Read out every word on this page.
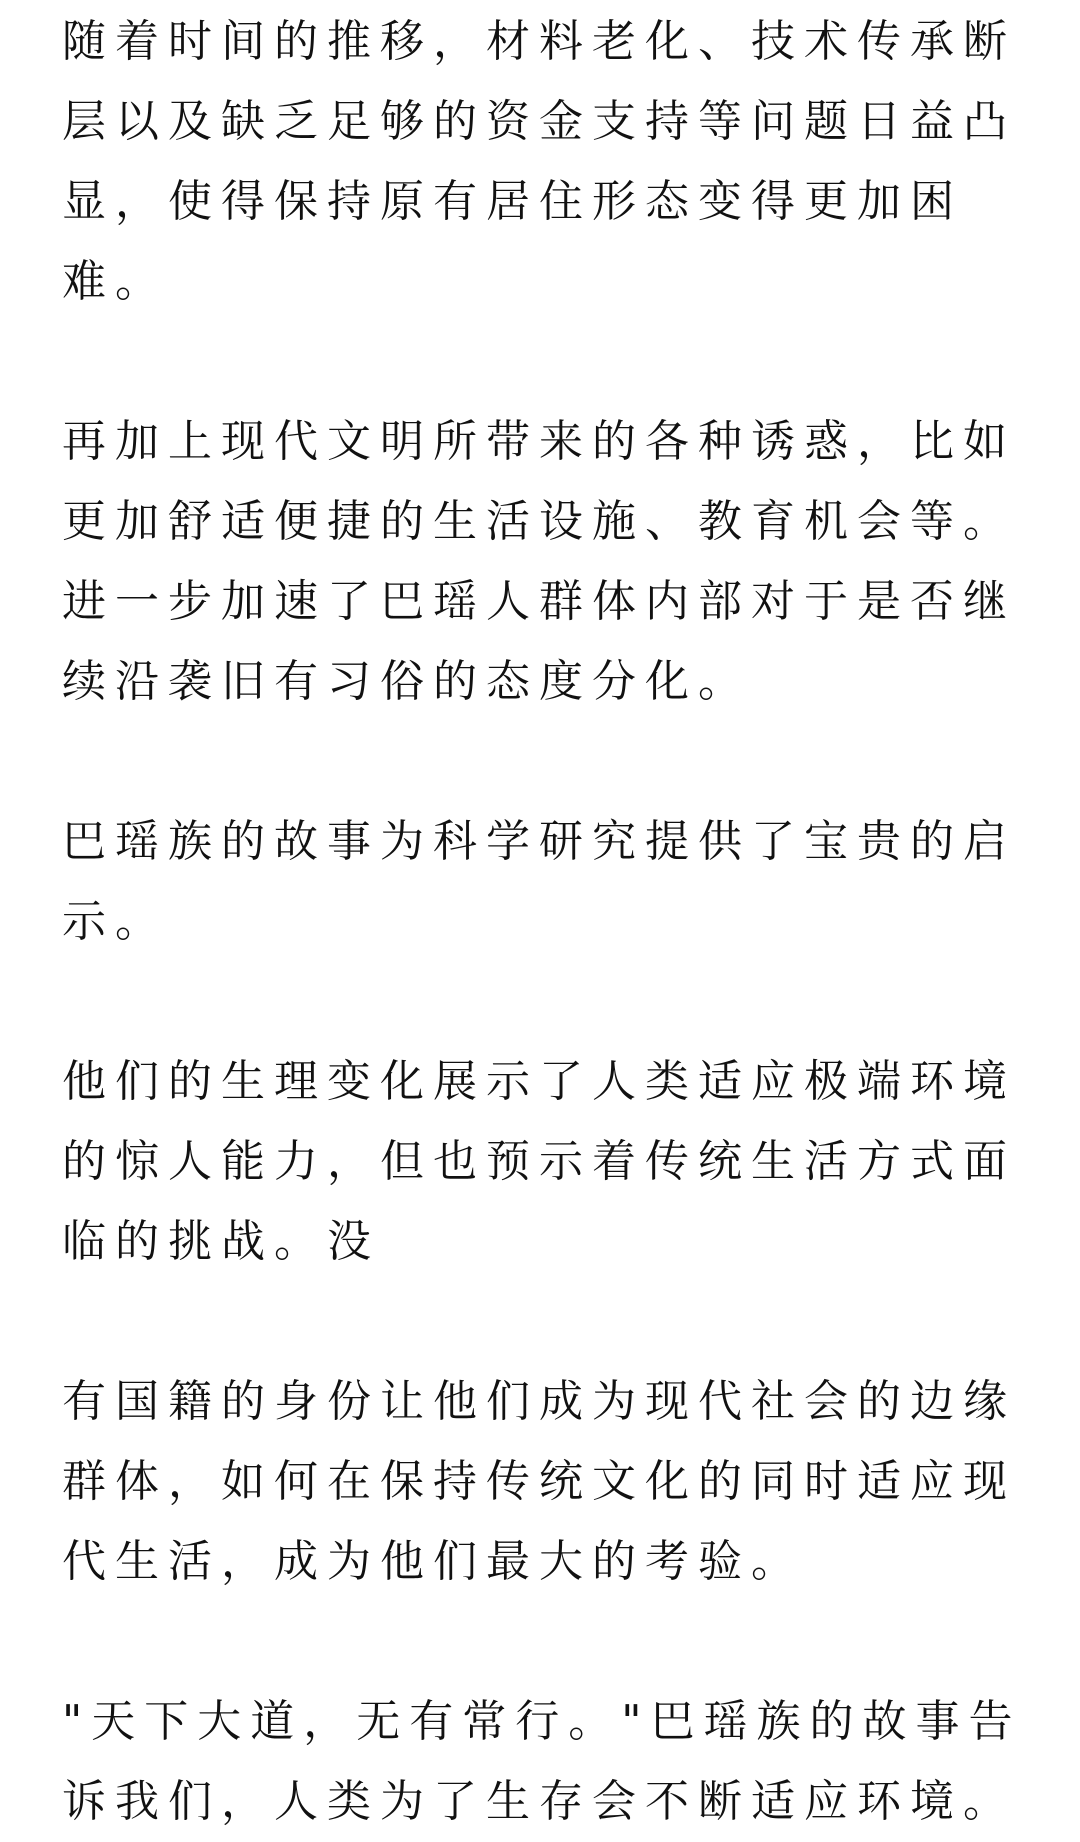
随着时间的推移，材料老化、技术传承断
层以及缺乏足够的资金支持等问题日益凸
显，使得保持原有居住形态变得更加困
难。

再加上现代文明所带来的各种诱惑，比如
更加舒适便捷的生活设施、教育机会等。
进一步加速了巴瑶人群体内部对于是否继
续沿袭旧有习俗的态度分化。

巴瑶族的故事为科学研究提供了宝贵的启
示。

他们的生理变化展示了人类适应极端环境
的惊人能力，但也预示着传统生活方式面
临的挑战。没

有国籍的身份让他们成为现代社会的边缘
群体，如何在保持传统文化的同时适应现
代生活，成为他们最大的考验。

"天下大道，无有常行。"巴瑶族的故事告
诉我们，人类为了生存会不断适应环境。
